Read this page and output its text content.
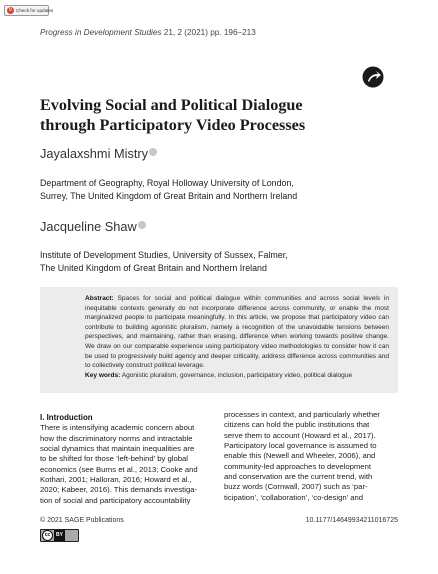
↻ Check for updates
Progress in Development Studies 21, 2 (2021) pp. 196–213
Evolving Social and Political Dialogue
through Participatory Video Processes
Jayalaxshmi Mistry
Department of Geography, Royal Holloway University of London,
Surrey, The United Kingdom of Great Britain and Northern Ireland
Jacqueline Shaw
Institute of Development Studies, University of Sussex, Falmer,
The United Kingdom of Great Britain and Northern Ireland
Abstract: Spaces for social and political dialogue within communities and across social levels in inequitable contexts generally do not incorporate difference across community, or enable the most marginalized people to participate meaningfully. In this article, we propose that participatory video can contribute to building agonistic pluralism, namely a recognition of the unavoidable tensions between perspectives, and maintaining, rather than erasing, difference when working towards positive change. We draw on our comparable experience using participatory video methodologies to consider how it can be used to progressively build agency and deeper criticality, address difference across communities and to collectively construct political leverage.
Key words: Agonistic pluralism, governance, inclusion, participatory video, political dialogue
I. Introduction
There is intensifying academic concern about
how the discriminatory norms and intractable
social dynamics that maintain inequalities are
to be shifted for those ‘left-behind’ by global
economics (see Burns et al., 2013; Cooke and
Kothari, 2001; Halloran, 2016; Howard et al.,
2020; Kabeer, 2016). This demands investiga-
tion of social and participatory accountability
processes in context, and particularly whether
citizens can hold the public institutions that
serve them to account (Howard et al., 2017).
Participatory local governance is assumed to
enable this (Newell and Wheeler, 2006), and
community-led approaches to development
and conservation are the current trend, with
buzz words (Cornwall, 2007) such as ‘par-
ticipation’, ‘collaboration’, ‘co-design’ and
© 2021 SAGE Publications	10.1177/14649934211016725
cc	BY
